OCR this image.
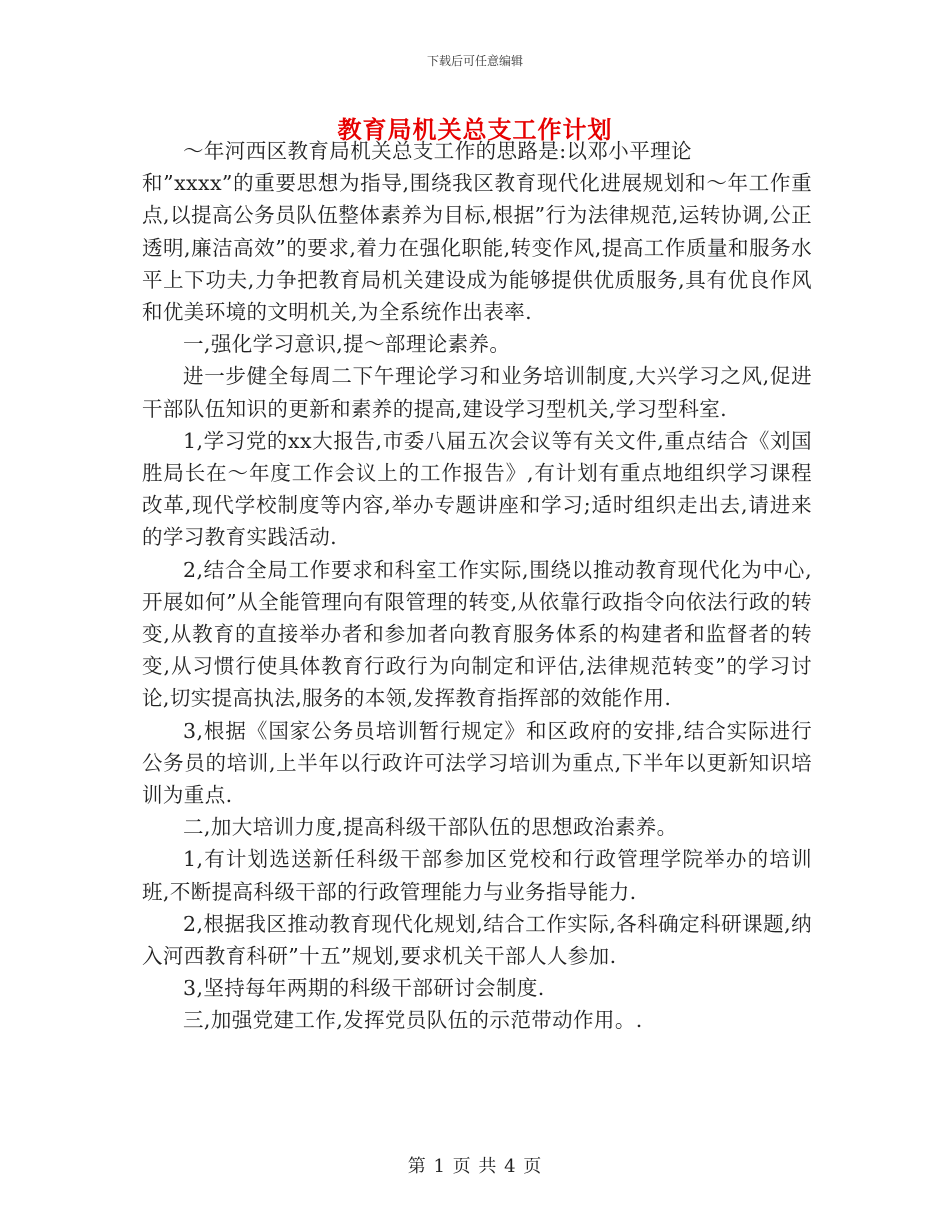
下载后可任意编辑
教育局机关总支工作计划

～年河西区教育局机关总支工作的思路是:以邓小平理论

和”xxxx”的重要思想为指导,围绕我区教育现代化进展规划和～年工作重点,以提高公务员队伍整体素养为目标,根据”行为法律规范,运转协调,公正透明,廉洁高效”的要求,着力在强化职能,转变作风,提高工作质量和服务水平上下功夫,力争把教育局机关建设成为能够提供优质服务,具有优良作风和优美环境的文明机关,为全系统作出表率.

一,强化学习意识,提～部理论素养。

进一步健全每周二下午理论学习和业务培训制度,大兴学习之风,促进干部队伍知识的更新和素养的提高,建设学习型机关,学习型科室.

1,学习党的xx大报告,市委八届五次会议等有关文件,重点结合《刘国胜局长在～年度工作会议上的工作报告》,有计划有重点地组织学习课程改革,现代学校制度等内容,举办专题讲座和学习;适时组织走出去,请进来的学习教育实践活动.

2,结合全局工作要求和科室工作实际,围绕以推动教育现代化为中心,开展如何”从全能管理向有限管理的转变,从依靠行政指令向依法行政的转变,从教育的直接举办者和参加者向教育服务体系的构建者和监督者的转变,从习惯行使具体教育行政行为向制定和评估,法律规范转变”的学习讨论,切实提高执法,服务的本领,发挥教育指挥部的效能作用.

3,根据《国家公务员培训暂行规定》和区政府的安排,结合实际进行公务员的培训,上半年以行政许可法学习培训为重点,下半年以更新知识培训为重点.

二,加大培训力度,提高科级干部队伍的思想政治素养。

1,有计划选送新任科级干部参加区党校和行政管理学院举办的培训班,不断提高科级干部的行政管理能力与业务指导能力.

2,根据我区推动教育现代化规划,结合工作实际,各科确定科研课题,纳入河西教育科研”十五”规划,要求机关干部人人参加.

3,坚持每年两期的科级干部研讨会制度.

三,加强党建工作,发挥党员队伍的示范带动作用。.

第 1 页 共 4 页
